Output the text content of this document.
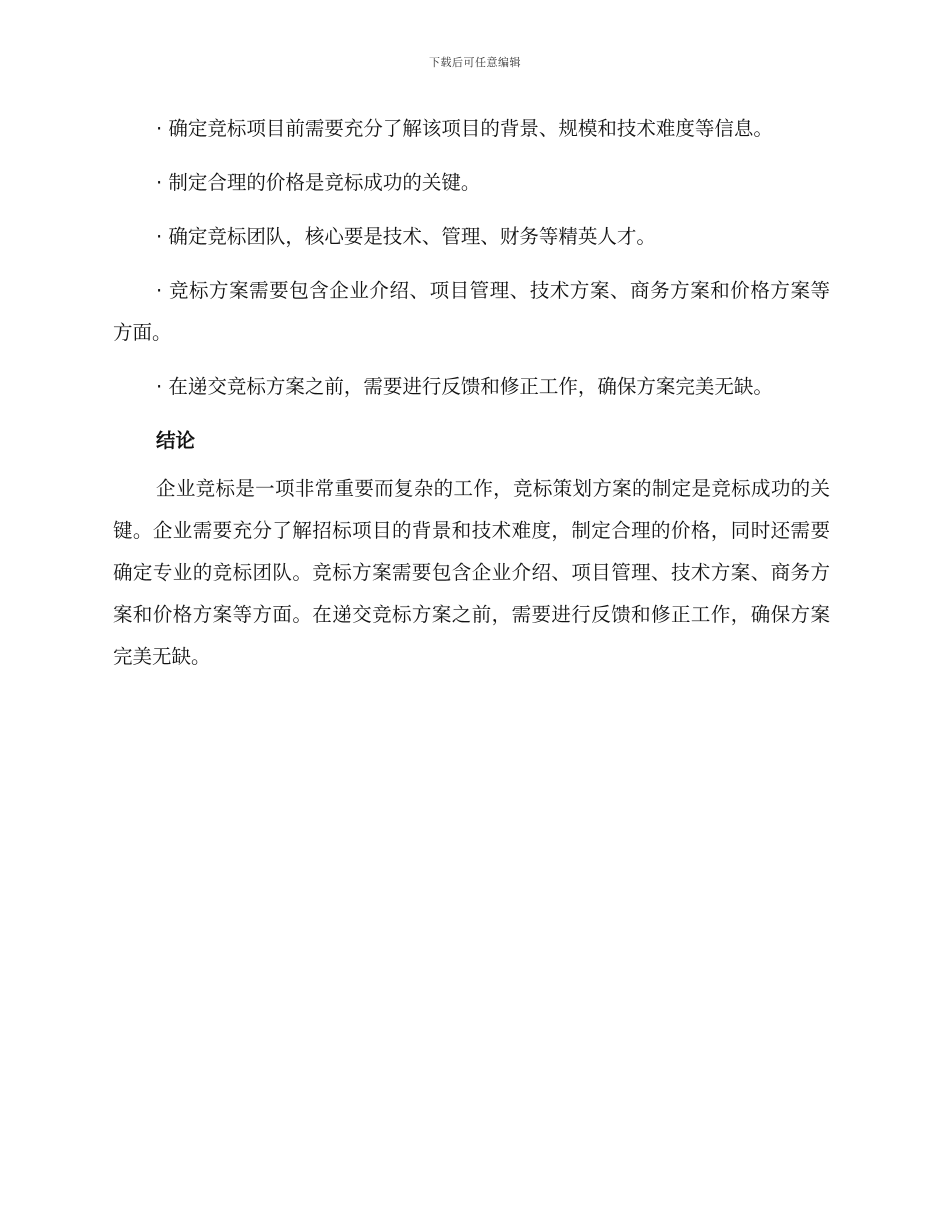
下载后可任意编辑

· 确定竞标项目前需要充分了解该项目的背景、规模和技术难度等信息。

· 制定合理的价格是竞标成功的关键。

· 确定竞标团队，核心要是技术、管理、财务等精英人才。

· 竞标方案需要包含企业介绍、项目管理、技术方案、商务方案和价格方案等方面。

· 在递交竞标方案之前，需要进行反馈和修正工作，确保方案完美无缺。

结论

企业竞标是一项非常重要而复杂的工作，竞标策划方案的制定是竞标成功的关键。企业需要充分了解招标项目的背景和技术难度，制定合理的价格，同时还需要确定专业的竞标团队。竞标方案需要包含企业介绍、项目管理、技术方案、商务方案和价格方案等方面。在递交竞标方案之前，需要进行反馈和修正工作，确保方案完美无缺。
